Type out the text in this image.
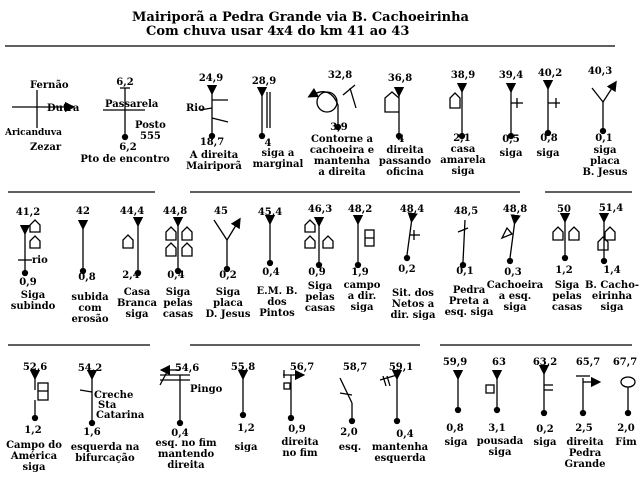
Mairiporã a Pedra Grande via B. Cachoeirinha
Com chuva usar 4x4 do km 41 ao 43
Fernão
Dutra
Aricanduva
Zezar
6,2
Passarela
Posto
555
6,2
Pto de encontro
24,9
Rio
18,7
A direita
Mairiporã
28,9
4
siga a
marginal
32,8
3,9
Contorne a
cachoeira e
mantenha
a direita
36,8
4
direita
passando
oficina
38,9
2,1
casa
amarela
siga
39,4
0,5
siga
40,2
0,8
siga
40,3
0,1
siga
placa
B. Jesus
41,2
rio
0,9
Siga
subindo
42
0,8
subida
com
erosão
44,4
2,4
Casa
Branca
siga
44,8
0,4
Siga
pelas
casas
45
0,2
Siga
placa
D. Jesus
45,4
0,4
E.M. B.
dos
Pintos
46,3
0,9
Siga
pelas
casas
48,2
1,9
campo
a dir.
siga
48,4
0,2
Sit. dos
Netos a
dir. siga
48,5
0,1
Pedra
Preta a
esq. siga
48,8
0,3
Cachoeira
a esq.
siga
50
1,2
Siga
pelas
casas
51,4
1,4
B. Cacho-
eirinha
siga
52,6
1,2
Campo do
América
siga
54,2
Creche
Sta
Catarina
1,6
esquerda na
bifurcação
54,6
Pingo
0,4
esq. no fim
mantendo
direita
55,8
1,2
siga
56,7
0,9
direita
no fim
58,7
2,0
esq.
59,1
0,4
mantenha
esquerda
59,9
0,8
siga
63
3,1
pousada
siga
63,2
0,2
siga
65,7
2,5
direita
Pedra
Grande
67,7
2,0
Fim
